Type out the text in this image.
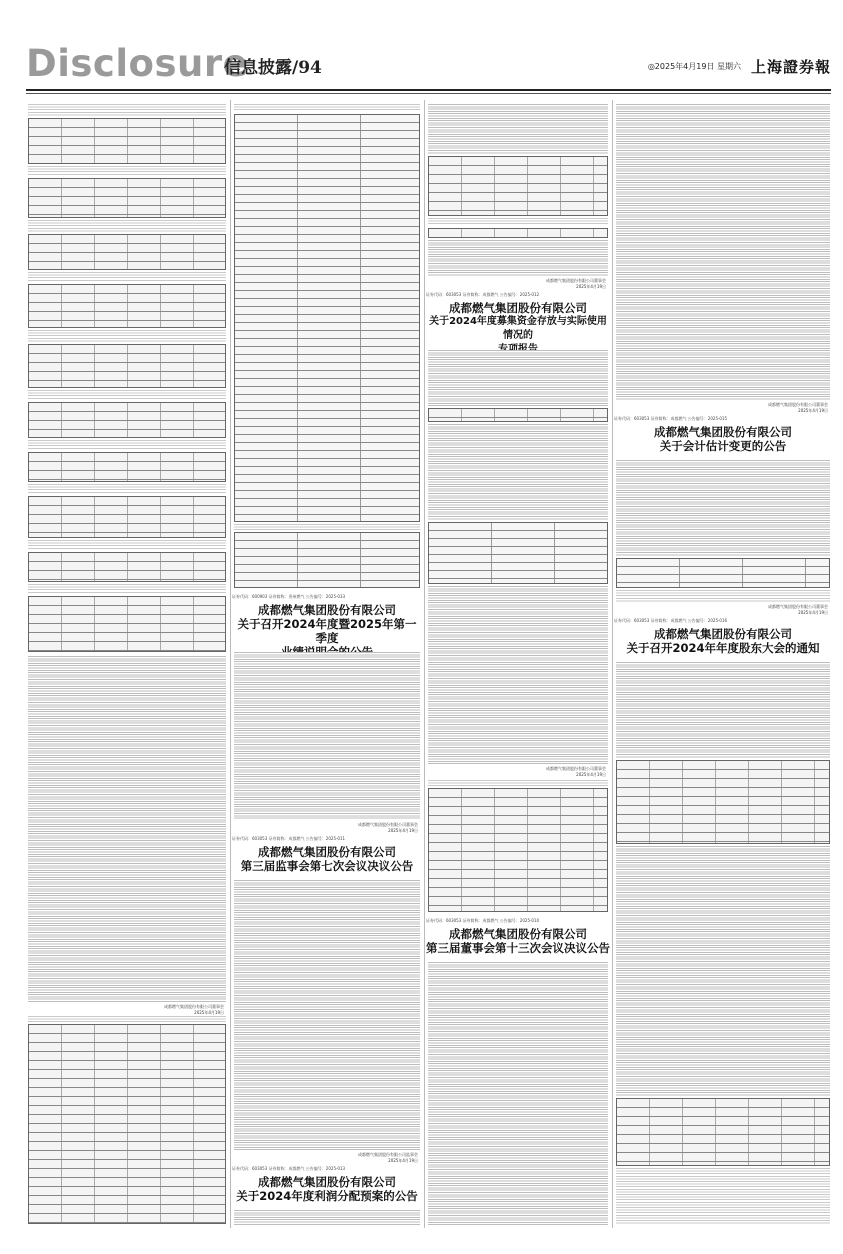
Disclosure
信息披露/94	◎2025年4月19日 星期六 上海證券報
成都燃气集团股份有限公司董事会
2025年4月19日
证券代码：600903 证券简称：贵州燃气 公告编号：2025-033
成都燃气集团股份有限公司
关于召开2024年度暨2025年第一季度
成都燃气集团股份有限公司董事会
2025年4月19日
证券代码：603053 证券简称：成都燃气 公告编号：2025-011
成都燃气集团股份有限公司
第三届监事会第七次会议决议公告
成都燃气集团股份有限公司监事会
2025年4月19日
证券代码：603053 证券简称：成都燃气 公告编号：2025-013
成都燃气集团股份有限公司
关于2024年度利润分配预案的公告
成都燃气集团股份有限公司董事会
2025年4月19日
证券代码：603053 证券简称：成都燃气 公告编号：2025-012
成都燃气集团股份有限公司
关于2024年度募集资金存放与实际使用情况的
成都燃气集团股份有限公司董事会
2025年4月19日
证券代码：603053 证券简称：成都燃气 公告编号：2025-010
成都燃气集团股份有限公司
第三届董事会第十三次会议决议公告
成都燃气集团股份有限公司董事会
2025年4月19日
证券代码：603053 证券简称：成都燃气 公告编号：2025-015
成都燃气集团股份有限公司
关于会计估计变更的公告
成都燃气集团股份有限公司董事会
2025年4月19日
证券代码：603053 证券简称：成都燃气 公告编号：2025-016
成都燃气集团股份有限公司
关于召开2024年年度股东大会的通知
